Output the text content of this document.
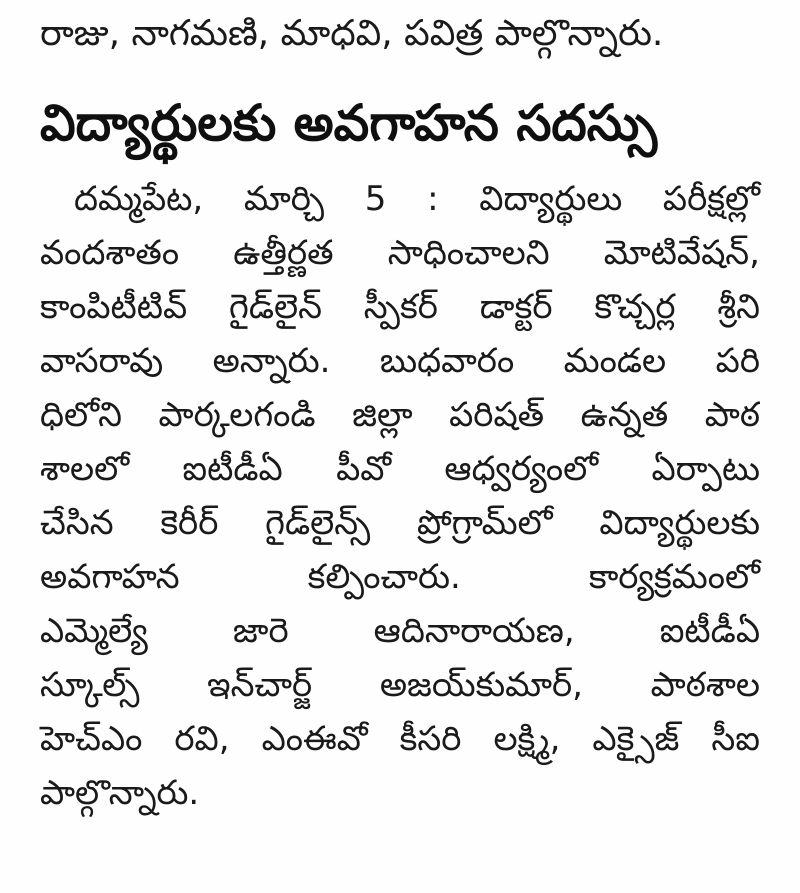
రాజు, నాగమణి, మాధవి, పవిత్ర పాల్గొన్నారు.
విద్యార్థులకు అవగాహన సదస్సు
దమ్మపేట, మార్చి 5 : విద్యార్థులు పరీక్షల్లో
వందశాతం ఉత్తీర్ణత సాధించాలని మోటివేషన్,
కాంపిటీటివ్ గైడ్‌లైన్ స్పీకర్ డాక్టర్ కొచ్చర్ల శ్రీని
వాసరావు అన్నారు. బుధవారం మండల పరి
ధిలోని పార్కలగండి జిల్లా పరిషత్ ఉన్నత పాఠ
శాలలో ఐటీడీఏ పీవో ఆధ్వర్యంలో ఏర్పాటు
చేసిన కెరీర్ గైడ్‌లైన్స్ ప్రోగ్రామ్‌లో విద్యార్థులకు
అవగాహన కల్పించారు. కార్యక్రమంలో
ఎమ్మెల్యే జారె ఆదినారాయణ, ఐటీడీఏ
స్కూల్స్ ఇన్‌చార్జ్ అజయ్‌కుమార్, పాఠశాల
హెచ్‌ఎం రవి, ఎంఈవో కీసరి లక్ష్మి, ఎక్సైజ్ సీఐ
పాల్గొన్నారు.
